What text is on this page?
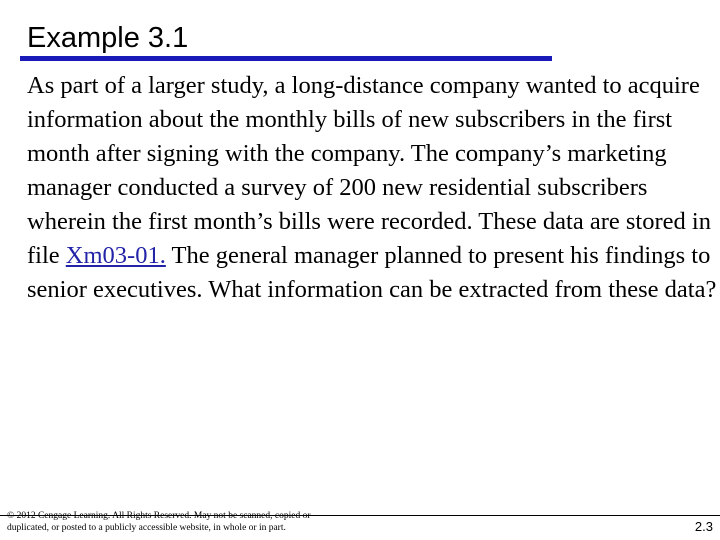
Example 3.1

As part of a larger study, a long-distance company wanted to acquire information about the monthly bills of new subscribers in the first month after signing with the company. The company’s marketing manager conducted a survey of 200 new residential subscribers wherein the first month’s bills were recorded. These data are stored in file Xm03-01. The general manager planned to present his findings to senior executives. What information can be extracted from these data?

© 2012 Cengage Learning. All Rights Reserved. May not be scanned, copied or duplicated, or posted to a publicly accessible website, in whole or in part.	2.3
